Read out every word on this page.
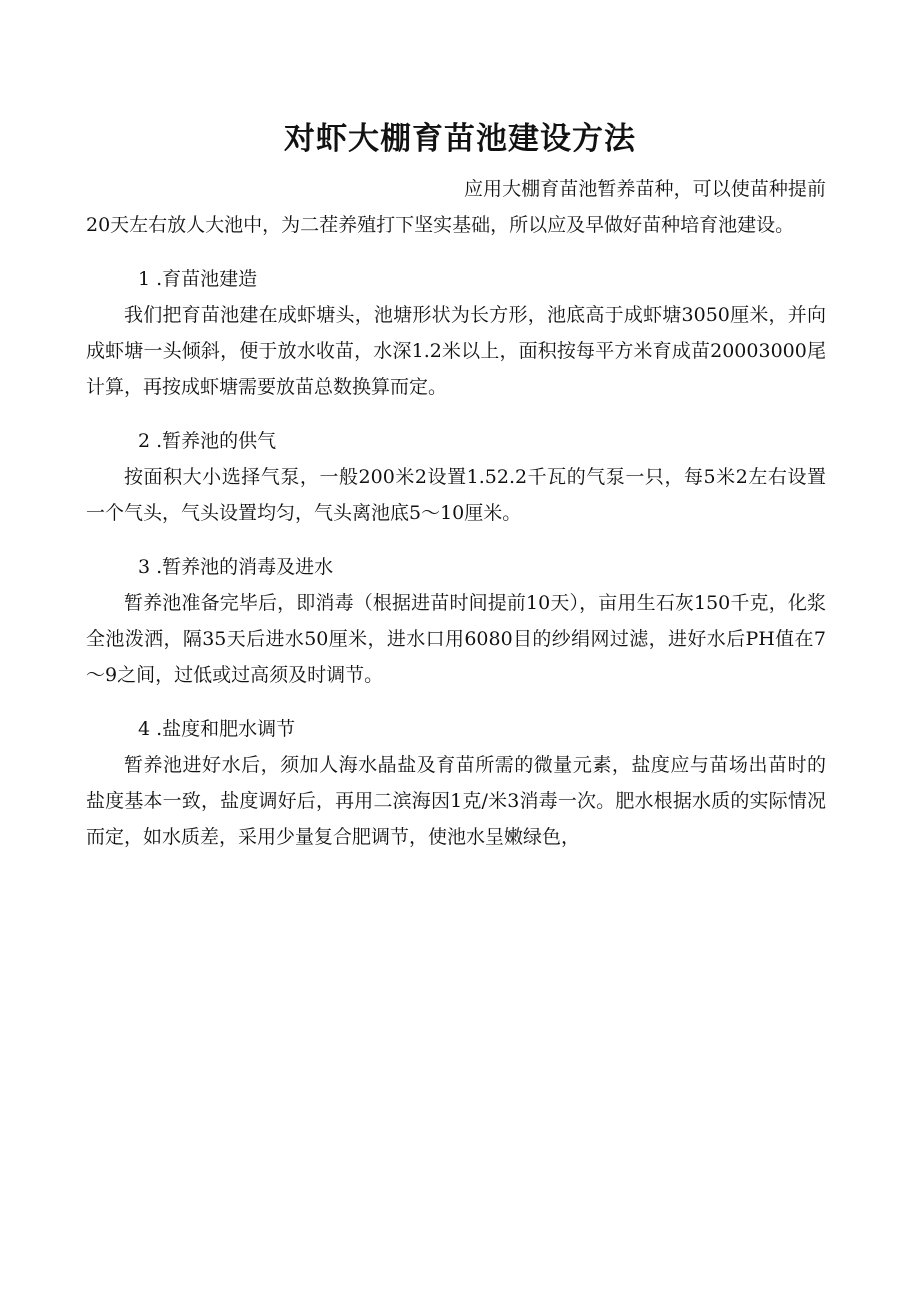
对虾大棚育苗池建设方法

应用大棚育苗池暂养苗种，可以使苗种提前20天左右放人大池中，为二茬养殖打下坚实基础，所以应及早做好苗种培育池建设。

1 .育苗池建造

我们把育苗池建在成虾塘头，池塘形状为长方形，池底高于成虾塘3050厘米，并向成虾塘一头倾斜，便于放水收苗，水深1.2米以上，面积按每平方米育成苗20003000尾计算，再按成虾塘需要放苗总数换算而定。

2 .暂养池的供气

按面积大小选择气泵，一般200米2设置1.52.2千瓦的气泵一只，每5米2左右设置一个气头，气头设置均匀，气头离池底5～10厘米。

3 .暂养池的消毒及进水

暂养池准备完毕后，即消毒（根据进苗时间提前10天），亩用生石灰150千克，化浆全池泼洒，隔35天后进水50厘米，进水口用6080目的纱绢网过滤，进好水后PH值在7～9之间，过低或过高须及时调节。

4 .盐度和肥水调节

暂养池进好水后，须加人海水晶盐及育苗所需的微量元素，盐度应与苗场出苗时的盐度基本一致，盐度调好后，再用二滨海因1克/米3消毒一次。肥水根据水质的实际情况而定，如水质差，采用少量复合肥调节，使池水呈嫩绿色，
